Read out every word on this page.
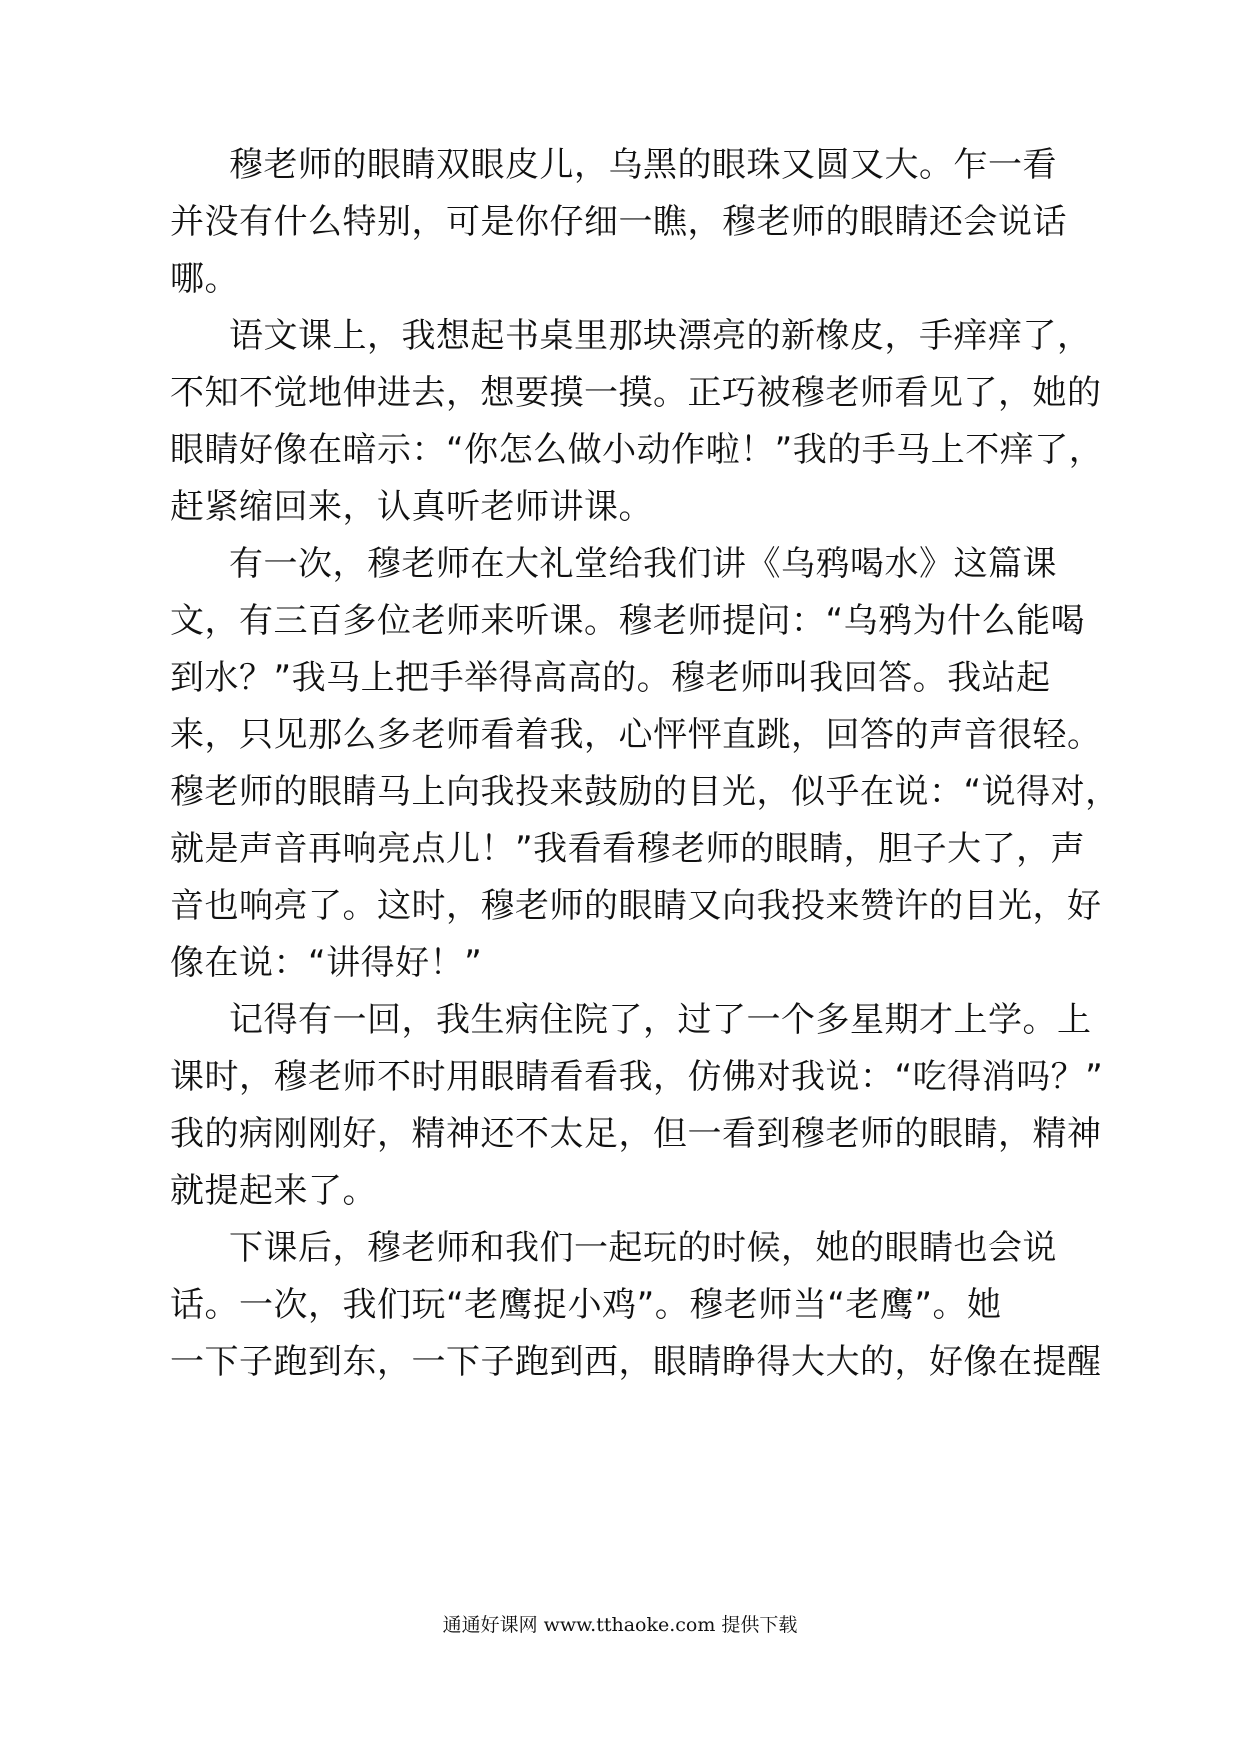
穆老师的眼睛双眼皮儿，乌黑的眼珠又圆又大。乍一看
并没有什么特别，可是你仔细一瞧，穆老师的眼睛还会说话
哪。
语文课上，我想起书桌里那块漂亮的新橡皮，手痒痒了，
不知不觉地伸进去，想要摸一摸。正巧被穆老师看见了，她的
眼睛好像在暗示：“你怎么做小动作啦！”我的手马上不痒了，
赶紧缩回来，认真听老师讲课。
有一次，穆老师在大礼堂给我们讲《乌鸦喝水》这篇课
文，有三百多位老师来听课。穆老师提问：“乌鸦为什么能喝
到水？”我马上把手举得高高的。穆老师叫我回答。我站起
来，只见那么多老师看着我，心怦怦直跳，回答的声音很轻。
穆老师的眼睛马上向我投来鼓励的目光，似乎在说：“说得对，
就是声音再响亮点儿！”我看看穆老师的眼睛，胆子大了，声
音也响亮了。这时，穆老师的眼睛又向我投来赞许的目光，好
像在说：“讲得好！”
记得有一回，我生病住院了，过了一个多星期才上学。上
课时，穆老师不时用眼睛看看我，仿佛对我说：“吃得消吗？”
我的病刚刚好，精神还不太足，但一看到穆老师的眼睛，精神
就提起来了。
下课后，穆老师和我们一起玩的时候，她的眼睛也会说
话。一次，我们玩“老鹰捉小鸡”。穆老师当“老鹰”。她
一下子跑到东，一下子跑到西，眼睛睁得大大的，好像在提醒
通通好课网 www.tthaoke.com 提供下载
